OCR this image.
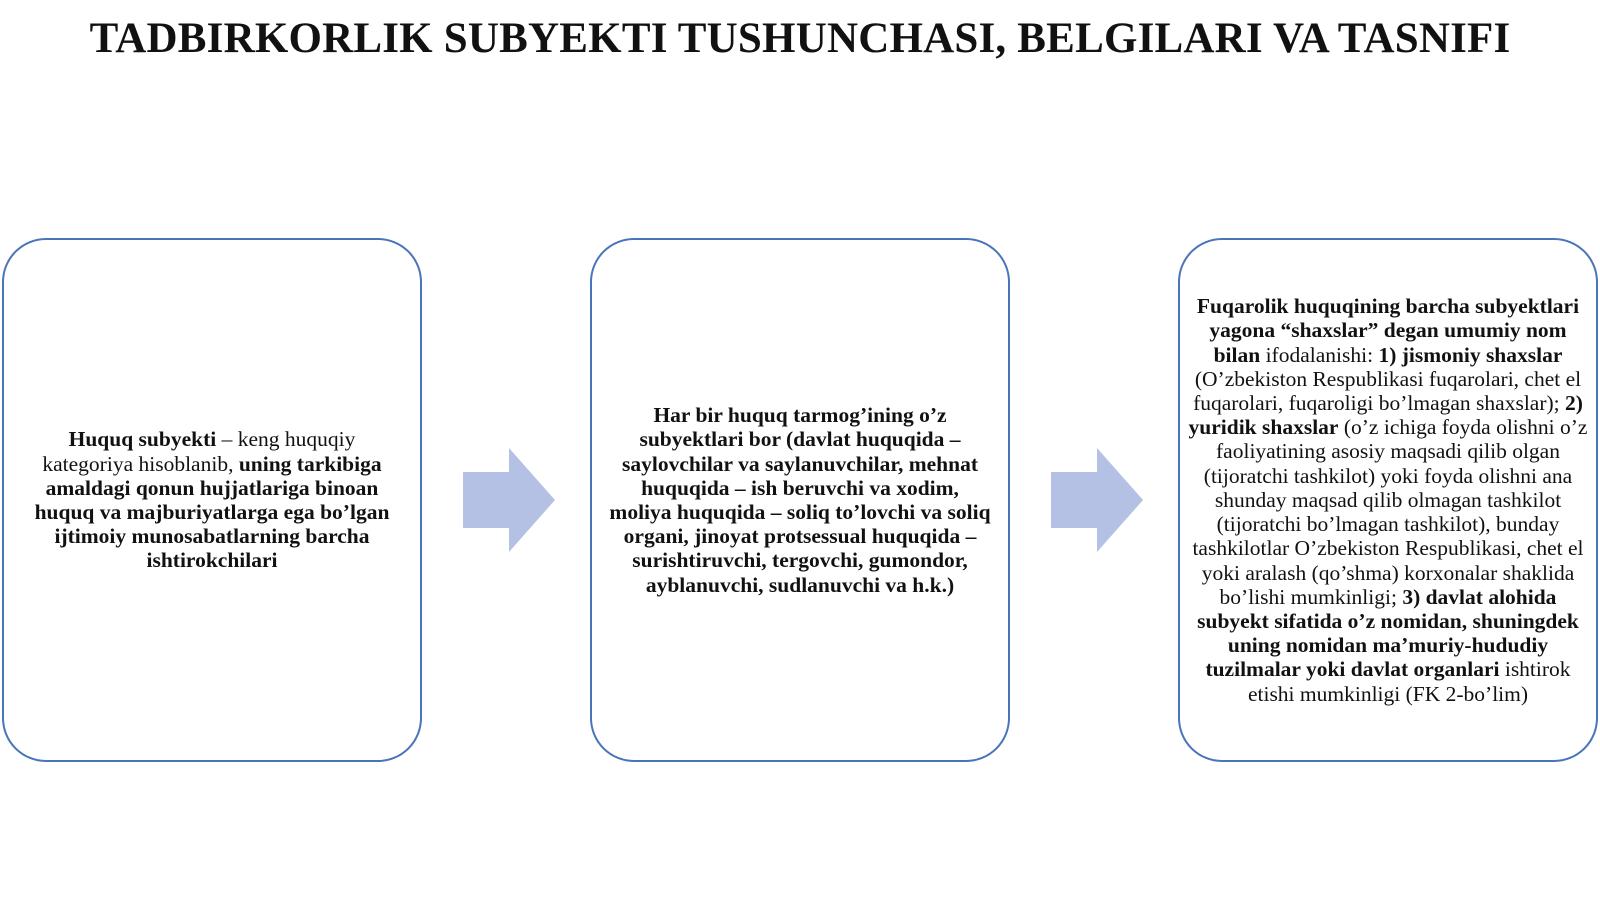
TADBIRKORLIK SUBYEKTI TUSHUNCHASI, BELGILARI VA TASNIFI
Huquq subyekti – keng huquqiy kategoriya hisoblanib, uning tarkibiga amaldagi qonun hujjatlariga binoan huquq va majburiyatlarga ega bo’lgan ijtimoiy munosabatlarning barcha ishtirokchilari
Har bir huquq tarmog’ining o’z subyektlari bor (davlat huquqida – saylovchilar va saylanuvchilar, mehnat huquqida – ish beruvchi va xodim, moliya huquqida – soliq to’lovchi va soliq organi, jinoyat protsessual huquqida – surishtiruvchi, tergovchi, gumondor, ayblanuvchi, sudlanuvchi va h.k.)
Fuqarolik huquqining barcha subyektlari yagona “shaxslar” degan umumiy nom bilan ifodalanishi: 1) jismoniy shaxslar (O’zbekiston Respublikasi fuqarolari, chet el fuqarolari, fuqaroligi bo’lmagan shaxslar); 2) yuridik shaxslar (o’z ichiga foyda olishni o’z faoliyatining asosiy maqsadi qilib olgan (tijoratchi tashkilot) yoki foyda olishni ana shunday maqsad qilib olmagan tashkilot (tijoratchi bo’lmagan tashkilot), bunday tashkilotlar O’zbekiston Respublikasi, chet el yoki aralash (qo’shma) korxonalar shaklida bo’lishi mumkinligi; 3) davlat alohida subyekt sifatida o’z nomidan, shuningdek uning nomidan ma’muriy-hududiy tuzilmalar yoki davlat organlari ishtirok etishi mumkinligi (FK 2-bo’lim)
